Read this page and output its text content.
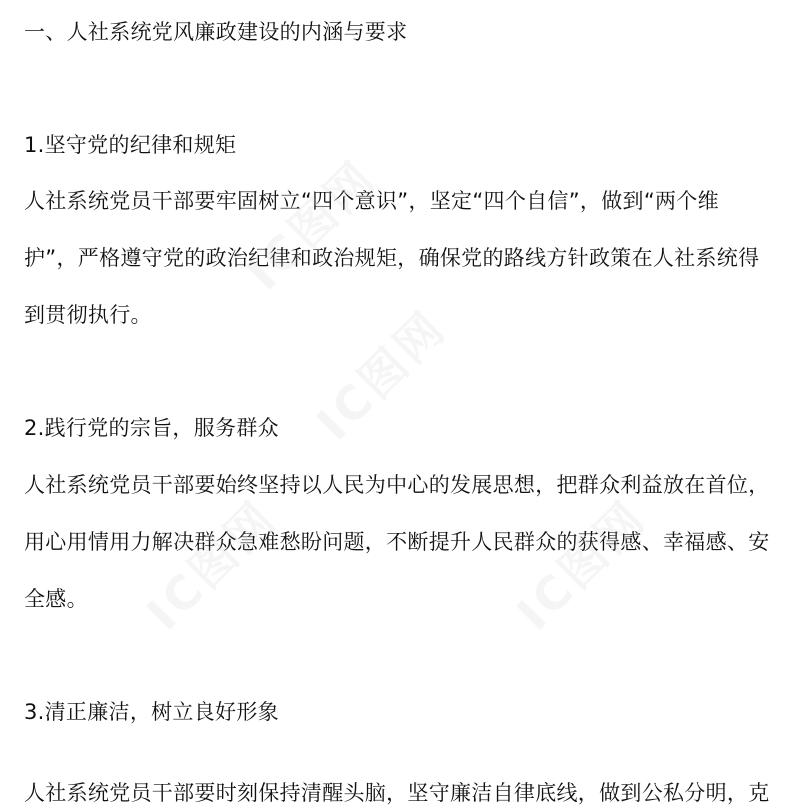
一、人社系统党风廉政建设的内涵与要求
1.坚守党的纪律和规矩
人社系统党员干部要牢固树立“四个意识”，坚定“四个自信”，做到“两个维
护”，严格遵守党的政治纪律和政治规矩，确保党的路线方针政策在人社系统得
到贯彻执行。
2.践行党的宗旨，服务群众
人社系统党员干部要始终坚持以人民为中心的发展思想，把群众利益放在首位，
用心用情用力解决群众急难愁盼问题，不断提升人民群众的获得感、幸福感、安
全感。
3.清正廉洁，树立良好形象
人社系统党员干部要时刻保持清醒头脑，坚守廉洁自律底线，做到公私分明，克
IC图网
IC图网	IC图网
IC图网
